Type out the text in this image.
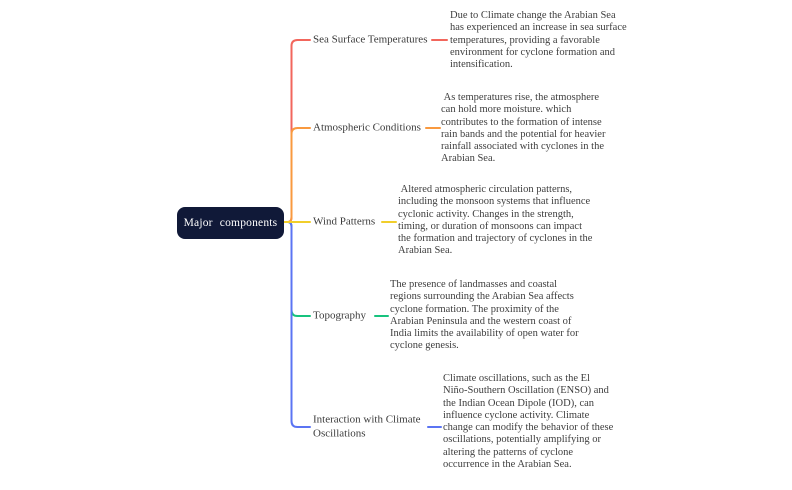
Major components
Sea Surface Temperatures
Atmospheric Conditions
Wind Patterns
Topography
Interaction with Climate Oscillations
Due to Climate change the Arabian Sea has experienced an increase in sea surface temperatures, providing a favorable environment for cyclone formation and intensification.
As temperatures rise, the atmosphere can hold more moisture. which contributes to the formation of intense rain bands and the potential for heavier rainfall associated with cyclones in the Arabian Sea.
Altered atmospheric circulation patterns, including the monsoon systems that influence cyclonic activity. Changes in the strength, timing, or duration of monsoons can impact the formation and trajectory of cyclones in the Arabian Sea.
The presence of landmasses and coastal regions surrounding the Arabian Sea affects cyclone formation. The proximity of the Arabian Peninsula and the western coast of India limits the availability of open water for cyclone genesis.
Climate oscillations, such as the El Niño-Southern Oscillation (ENSO) and the Indian Ocean Dipole (IOD), can influence cyclone activity. Climate change can modify the behavior of these oscillations, potentially amplifying or altering the patterns of cyclone occurrence in the Arabian Sea.
